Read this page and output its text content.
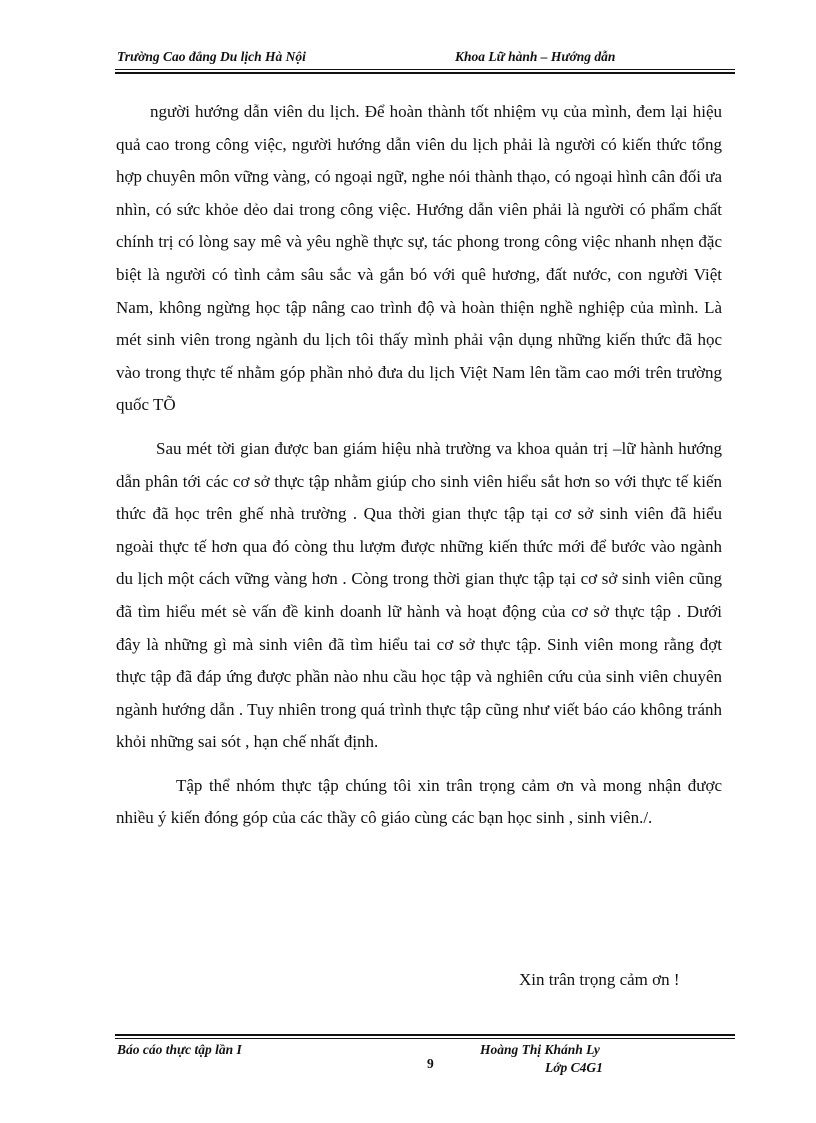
Trường Cao đẳng Du lịch Hà Nội	Khoa Lữ hành – Hướng dẫn

người hướng dẫn viên du lịch. Để hoàn thành tốt nhiệm vụ của mình, đem lại hiệu quả cao trong công việc, người hướng dẫn viên du lịch phải là người có kiến thức tổng hợp chuyên môn vững vàng, có ngoại ngữ, nghe nói thành thạo, có ngoại hình cân đối ưa nhìn, có sức khỏe dẻo dai trong công việc. Hướng dẫn viên phải là người có phẩm chất chính trị có lòng say mê và yêu nghề thực sự, tác phong trong công việc nhanh nhẹn đặc biệt là người có tình cảm sâu sắc và gắn bó với quê hương, đất nước, con người Việt Nam, không ngừng học tập nâng cao trình độ và hoàn thiện nghề nghiệp của mình. Là mét sinh viên trong ngành du lịch tôi thấy mình phải vận dụng những kiến thức đã học vào trong thực tế nhằm góp phần nhỏ đưa du lịch Việt Nam lên tầm cao mới trên trường quốc TÕ

Sau mét tời gian được ban giám hiệu nhà trường va khoa quản trị –lữ hành hướng dẫn phân tới các cơ sở thực tập nhằm giúp cho sinh viên hiểu sắt hơn so với thực tế kiến thức đã học trên ghế nhà trường . Qua thời gian thực tập tại cơ sở sinh viên đã hiểu ngoài thực tế hơn qua đó còng thu lượm được những kiến thức mới để bước vào ngành du lịch một cách vững vàng hơn . Còng trong thời gian thực tập tại cơ sở sinh viên cũng đã tìm hiểu mét sè vấn đề kinh doanh lữ hành và hoạt động của cơ sở thực tập . Dưới đây là những gì mà sinh viên đã tìm hiểu tai cơ sở thực tập. Sinh viên mong rằng đợt thực tập đã đáp ứng được phần nào nhu cầu học tập và nghiên cứu của sinh viên chuyên ngành hướng dẫn . Tuy nhiên trong quá trình thực tập cũng như viết báo cáo không tránh khỏi những sai sót , hạn chế nhất định.

Tập thể nhóm thực tập chúng tôi xin trân trọng cảm ơn và mong nhận được nhiều ý kiến đóng góp của các thầy cô giáo cùng các bạn học sinh , sinh viên./.

Xin trân trọng cảm ơn !
Báo cáo thực tập lần I
9
Hoàng Thị Khánh Ly
Lớp C4G1
